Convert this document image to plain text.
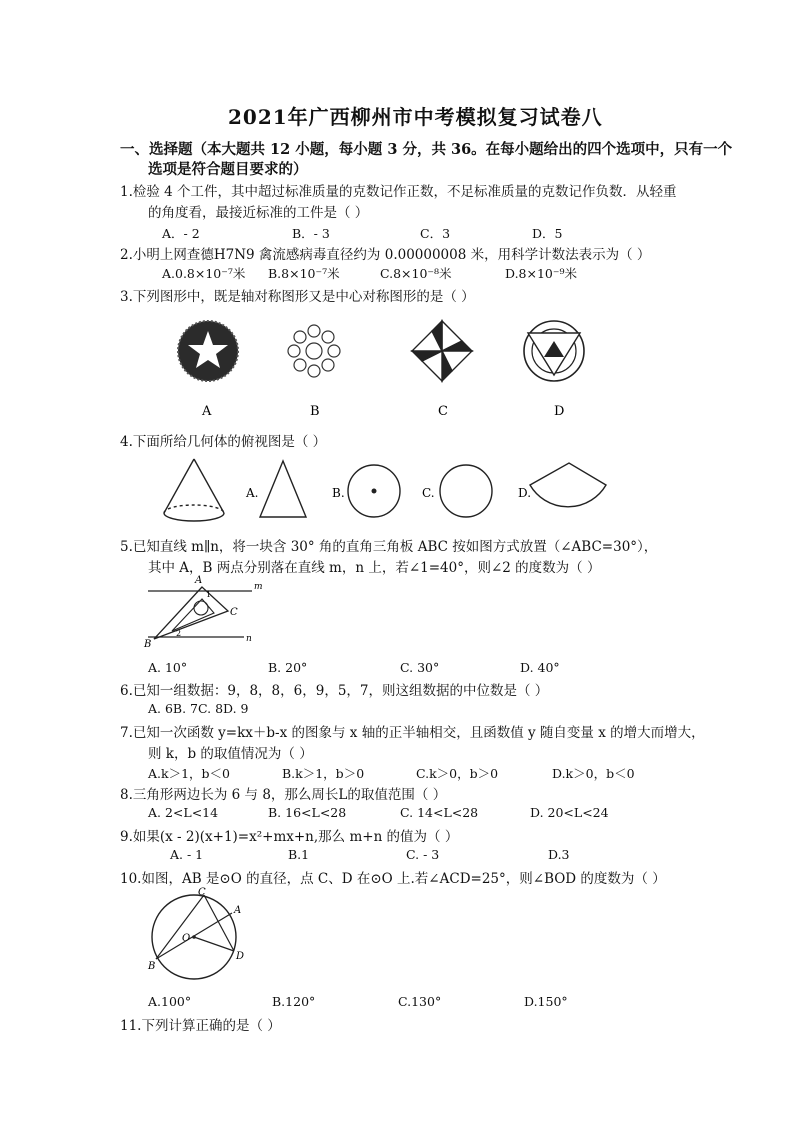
2021年广西柳州市中考模拟复习试卷八
一、选择题（本大题共 12 小题，每小题 3 分，共 36。在每小题给出的四个选项中，只有一个
选项是符合题目要求的）
1.检验 4 个工件，其中超过标准质量的克数记作正数，不足标准质量的克数记作负数．从轻重
的角度看，最接近标准的工件是（ ）
A．- 2	B．- 3	C．3	D．5
2.小明上网查德H7N9 禽流感病毒直径约为 0.00000008 米，用科学计数法表示为（ ）
A.0.8×10⁻⁷米 B.8×10⁻⁷米	C.8×10⁻⁸米	D.8×10⁻⁹米
3.下列图形中，既是轴对称图形又是中心对称图形的是（ ）
A	B	C	D
4.下面所给几何体的俯视图是（ ）
A.	B.	C.	D.
5.已知直线 m∥n，将一块含 30° 角的直角三角板 ABC 按如图方式放置（∠ABC=30°），
其中 A，B 两点分别落在直线 m，n 上，若∠1=40°，则∠2 的度数为（ ）
A
B
C
m
n
1
2
A. 10°	B. 20°	C. 30°	D. 40°
6.已知一组数据：9，8，8，6，9，5，7，则这组数据的中位数是（ ）
A. 6B. 7C. 8D. 9
7.已知一次函数 y=kx＋b-x 的图象与 x 轴的正半轴相交，且函数值 y 随自变量 x 的增大而增大，
则 k，b 的取值情况为（ ）
A.k＞1，b＜0	B.k＞1，b＞0	C.k＞0，b＞0	D.k＞0，b＜0
8.三角形两边长为 6 与 8，那么周长L的取值范围（ ）
A. 2<L<14	B. 16<L<28	C. 14<L<28	D. 20<L<24
9.如果(x - 2)(x+1)=x²+mx+n,那么 m+n 的值为（ ）
A. - 1	B.1	C. - 3	D.3
10.如图，AB 是⊙O 的直径，点 C、D 在⊙O 上.若∠ACD=25°，则∠BOD 的度数为（ ）
C
A
B
D
O
A.100°	B.120°	C.130°	D.150°
11.下列计算正确的是（ ）
